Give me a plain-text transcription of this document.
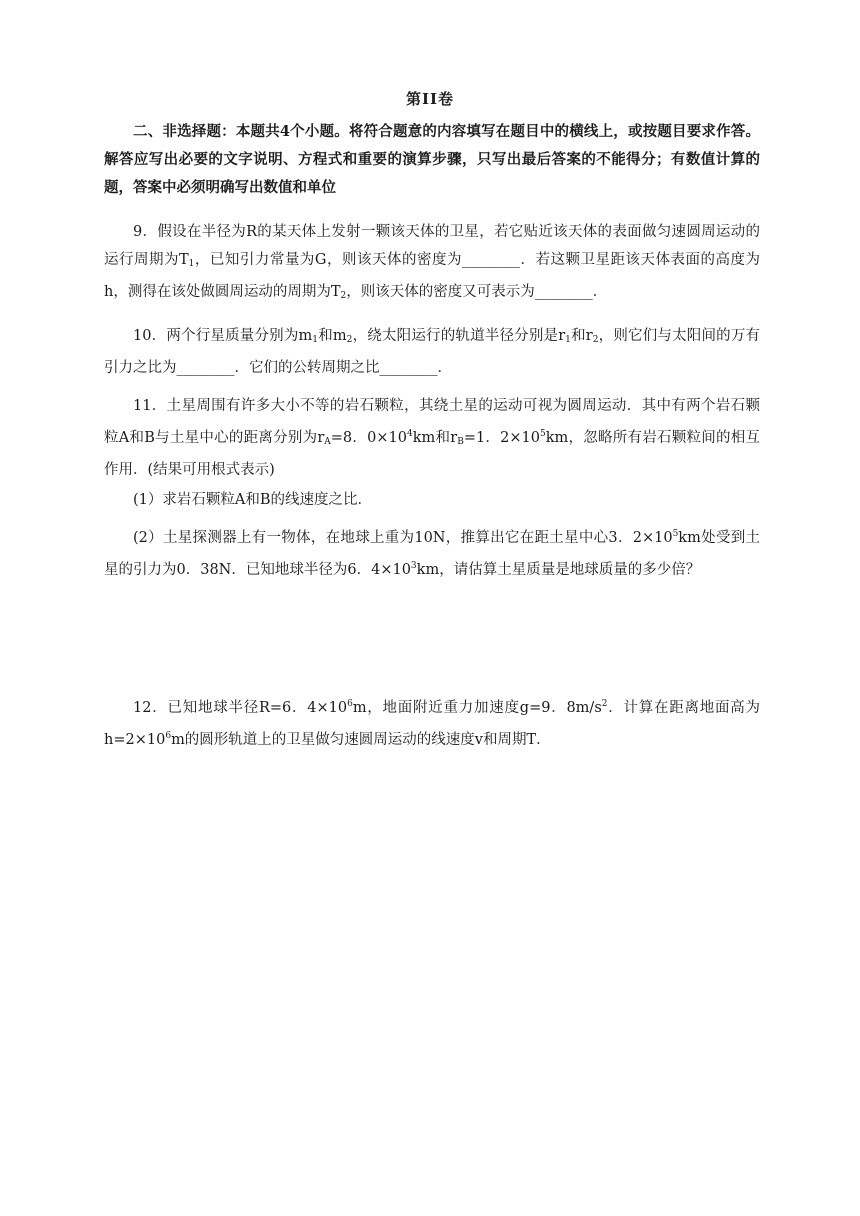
第II卷

二、非选择题：本题共4个小题。将符合题意的内容填写在题目中的横线上，或按题目要求作答。解答应写出必要的文字说明、方程式和重要的演算步骤，只写出最后答案的不能得分；有数值计算的题，答案中必须明确写出数值和单位

9．假设在半径为R的某天体上发射一颗该天体的卫星，若它贴近该天体的表面做匀速圆周运动的运行周期为$T_1$，已知引力常量为G，则该天体的密度为________．若这颗卫星距该天体表面的高度为h，测得在该处做圆周运动的周期为$T_2$，则该天体的密度又可表示为________．

10．两个行星质量分别为$m_1$和$m_2$，绕太阳运行的轨道半径分别是$r_1$和$r_2$，则它们与太阳间的万有引力之比为________．它们的公转周期之比________．

11．土星周围有许多大小不等的岩石颗粒，其绕土星的运动可视为圆周运动．其中有两个岩石颗粒A和B与土星中心的距离分别为$r_A=8$．$0\times 10^4km$和$r_B=1$．$2\times 10^5km$，忽略所有岩石颗粒间的相互作用．(结果可用根式表示)

(1）求岩石颗粒A和B的线速度之比．

(2）土星探测器上有一物体，在地球上重为10N，推算出它在距土星中心3．$2\times 10^5km$处受到土星的引力为0．38N．已知地球半径为6．$4\times 10^3km$，请估算土星质量是地球质量的多少倍？

12．已知地球半径R=6．$4\times 10^6m$，地面附近重力加速度g=9．$8m/s^2$．计算在距离地面高为$h=2\times 10^6m$的圆形轨道上的卫星做匀速圆周运动的线速度v和周期T．
